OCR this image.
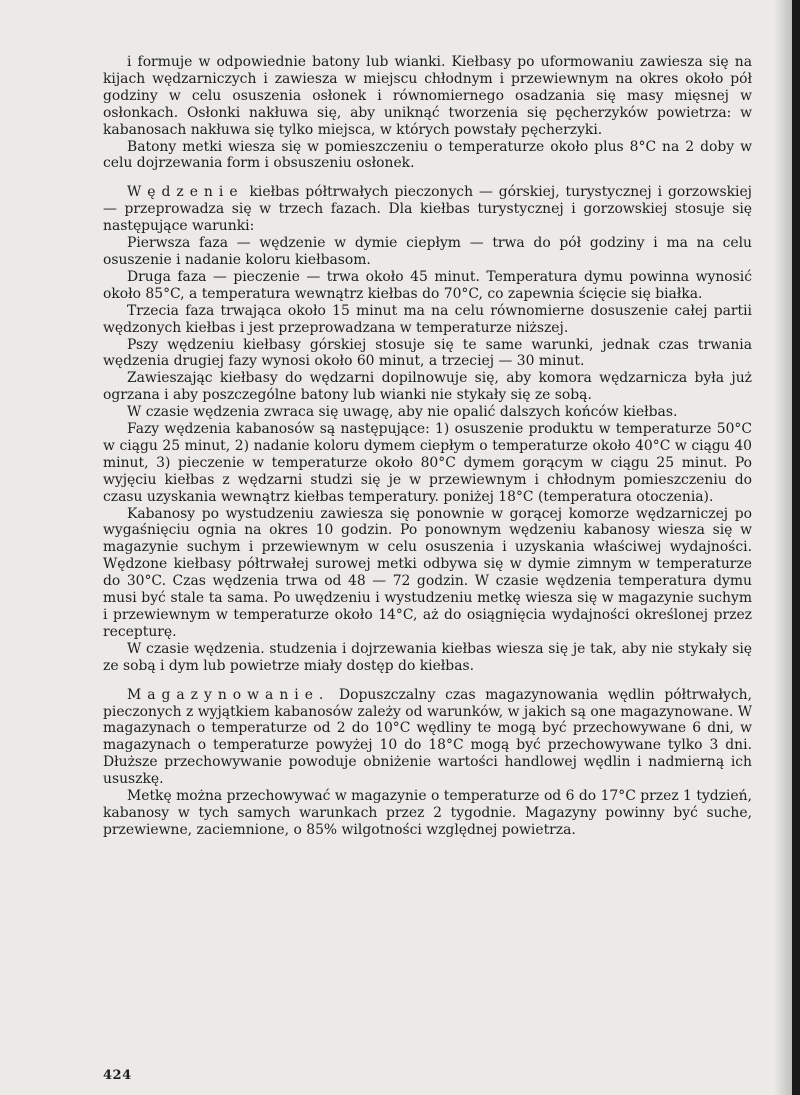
i formuje w odpowiednie batony lub wianki. Kiełbasy po uformowaniu zawiesza się na kijach wędzarniczych i zawiesza w miejscu chłodnym i przewiewnym na okres około pół godziny w celu osuszenia osłonek i równomiernego osadzania się masy mięsnej w osłonkach. Osłonki nakłuwa się, aby uniknąć tworzenia się pęcherzyków powietrza: w kabanosach nakłuwa się tylko miejsca, w których powstały pęcherzyki.

Batony metki wiesza się w pomieszczeniu o temperaturze około plus 8°C na 2 doby w celu dojrzewania form i obsuszeniu osłonek.

Wędzenie kiełbas półtrwałych pieczonych — górskiej, turystycznej i gorzowskiej — przeprowadza się w trzech fazach. Dla kiełbas turystycznej i gorzowskiej stosuje się następujące warunki:

Pierwsza faza — wędzenie w dymie ciepłym — trwa do pół godziny i ma na celu osuszenie i nadanie koloru kiełbasom.

Druga faza — pieczenie — trwa około 45 minut. Temperatura dymu powinna wynosić około 85°C, a temperatura wewnątrz kiełbas do 70°C, co zapewnia ścięcie się białka.

Trzecia faza trwająca około 15 minut ma na celu równomierne dosuszenie całej partii wędzonych kiełbas i jest przeprowadzana w temperaturze niższej.

Pszy wędzeniu kiełbasy górskiej stosuje się te same warunki, jednak czas trwania wędzenia drugiej fazy wynosi około 60 minut, a trzeciej — 30 minut.

Zawieszając kiełbasy do wędzarni dopilnowuje się, aby komora wędzarnicza była już ogrzana i aby poszczególne batony lub wianki nie stykały się ze sobą.

W czasie wędzenia zwraca się uwagę, aby nie opalić dalszych końców kiełbas.

Fazy wędzenia kabanosów są następujące: 1) osuszenie produktu w temperaturze 50°C w ciągu 25 minut, 2) nadanie koloru dymem ciepłym o temperaturze około 40°C w ciągu 40 minut, 3) pieczenie w temperaturze około 80°C dymem gorącym w ciągu 25 minut. Po wyjęciu kiełbas z wędzarni studzi się je w przewiewnym i chłodnym pomieszczeniu do czasu uzyskania wewnątrz kiełbas temperatury. poniżej 18°C (temperatura otoczenia).

Kabanosy po wystudzeniu zawiesza się ponownie w gorącej komorze wędzarniczej po wygaśnięciu ognia na okres 10 godzin. Po ponownym wędzeniu kabanosy wiesza się w magazynie suchym i przewiewnym w celu osuszenia i uzyskania właściwej wydajności. Wędzone kiełbasy półtrwałej surowej metki odbywa się w dymie zimnym w temperaturze do 30°C. Czas wędzenia trwa od 48 — 72 godzin. W czasie wędzenia temperatura dymu musi być stale ta sama. Po uwędzeniu i wystudzeniu metkę wiesza się w magazynie suchym i przewiewnym w temperaturze około 14°C, aż do osiągnięcia wydajności określonej przez recepturę.

W czasie wędzenia. studzenia i dojrzewania kiełbas wiesza się je tak, aby nie stykały się ze sobą i dym lub powietrze miały dostęp do kiełbas.

Magazynowanie. Dopuszczalny czas magazynowania wędlin półtrwałych, pieczonych z wyjątkiem kabanosów zależy od warunków, w jakich są one magazynowane. W magazynach o temperaturze od 2 do 10°C wędliny te mogą być przechowywane 6 dni, w magazynach o temperaturze powyżej 10 do 18°C mogą być przechowywane tylko 3 dni. Dłuższe przechowywanie powoduje obniżenie wartości handlowej wędlin i nadmierną ich ususzkę.

Metkę można przechowywać w magazynie o temperaturze od 6 do 17°C przez 1 tydzień, kabanosy w tych samych warunkach przez 2 tygodnie. Magazyny powinny być suche, przewiewne, zaciemnione, o 85% wilgotności względnej powietrza.

424
